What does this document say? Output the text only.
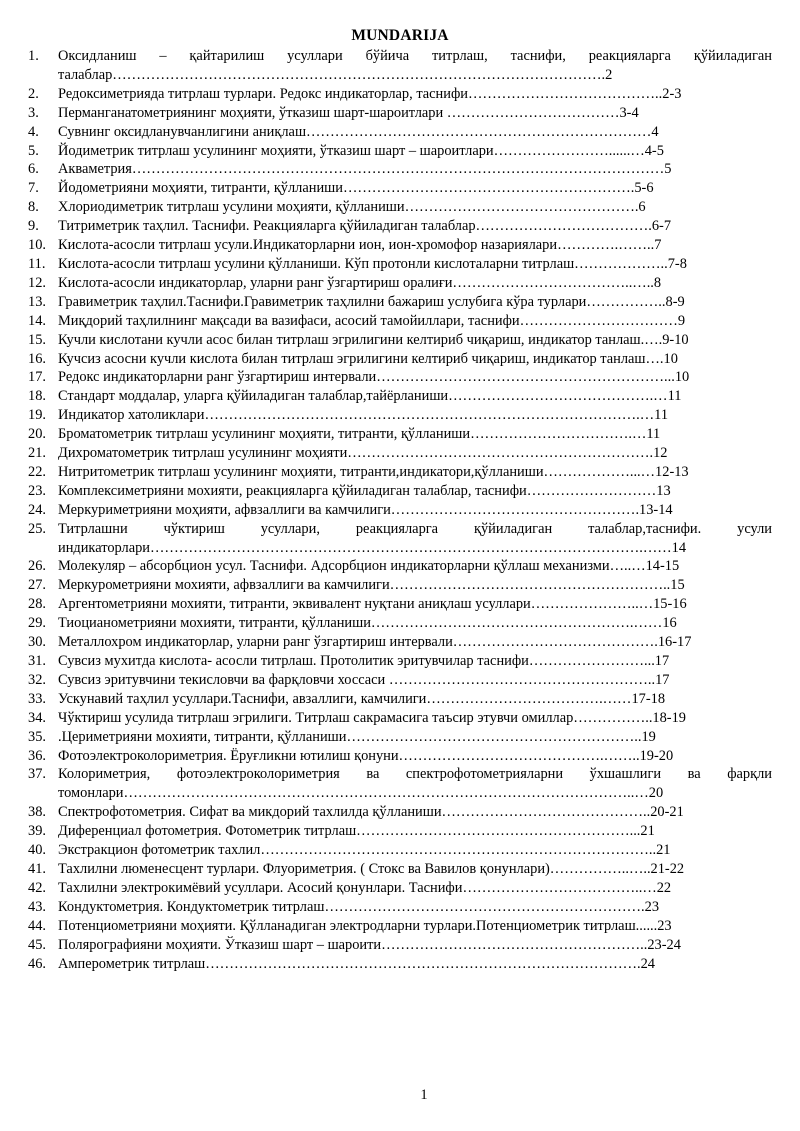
MUNDARIJA
1.	Оксидланиш – қайтарилиш усуллари бўйича титрлаш, таснифи, реакцияларга қўйиладиган талаблар………………………………………………………………………………………….2
2.	Редоксиметрияда титрлаш турлари. Редокс индикаторлар, таснифи…………………………………..2-3
3.	Перманганатометриянинг моҳияти, ўтказиш шарт-шароитлари ………………………………3-4
4.	Сувнинг оксидланувчанлигини аниқлаш………………………………………………………………4
5.	Йодиметрик титрлаш усулининг моҳияти, ўтказиш шарт – шароитлари……………………......…4-5
6.	Акваметрия…………………………………………………………………………………………………5
7.	Йодометрияни моҳияти, титранти, қўлланиши…………………………………………………….5-6
8.	Хлориодиметрик титрлаш усулини моҳияти, қўлланиши………………………………………….6
9.	Титриметрик таҳлил. Таснифи. Реакцияларга қўйиладиган талаблар……………………………….6-7
10. Кислота-асосли титрлаш усули.Индикаторларни ион, ион-хромофор назариялари………….……..7
11. Кислота-асосли титрлаш усулини қўлланиши. Кўп протонли кислоталарни титрлаш………………..7-8
12. Кислота-асосли индикаторлар, уларни ранг ўзгартириш оралиғи………………………………..…..8
13. Гравиметрик таҳлил.Таснифи.Гравиметрик таҳлилни бажариш услубига кўра турлари……………..8-9
14. Миқдорий таҳлилнинг мақсади ва вазифаси, асосий тамойиллари, таснифи……………………………9
15. Кучли кислотани кучли асос билан титрлаш эгрилигини келтириб чиқариш, индикатор танлаш.….9-10
16. Кучсиз асосни кучли кислота билан титрлаш эгрилигини келтириб чиқариш, индикатор танлаш….10
17. Редокс индикаторларни ранг ўзгартириш интервали……………………………………………………...10
18. Стандарт моддалар, уларга қўйиладиган талаблар,тайёрланиши…………………………………….…11
19. Индикатор хатоликлари……………………………………………………………………………….…11
20. Броматометрик титрлаш усулининг моҳияти, титранти, қўлланиши…………………………….…11
21. Дихроматометрик титрлаш усулининг моҳияти……………………………………………………….12
22. Нитритометрик титрлаш усулининг моҳияти, титранти,индикатори,қўлланиши………………...…12-13
23. Комплексиметрияни мохияти, реакцияларга қўйиладиган талаблар, таснифи………………………13
24. Меркуриметрияни моҳияти, афвзаллиги ва камчилиги…………………………………………….13-14
25. Титрлашни чўктириш усуллари, реакцияларга қўйиладиган талаблар,таснифи. усули индикаторлари………………………………………………………………………………………….……14
26. Молекуляр – абсорбцион усул. Таснифи. Адсорбцион индикаторларни қўллаш механизми…..…14-15
27. Меркурометрияни мохияти, афвзаллиги ва камчилиги…………………………………………………..15
28. Аргентометрияни мохияти, титранти, эквивалент нуқтани аниқлаш усуллари…………………..…15-16
29. Тиоцианометрияни мохияти, титранти, қўлланиши……………………………………………….……16
30. Металлохром индикаторлар, уларни ранг ўзгартириш интервали…………………………………….16-17
31. Сувсиз мухитда кислота- асосли титрлаш. Протолитик эритувчилар таснифи……………………...17
32. Сувсиз эритувчини текисловчи ва фарқловчи хоссаси ………………………………………………..17
33. Ускунавий таҳлил усуллари.Таснифи, авзаллиги, камчилиги……………………………….……17-18
34. Чўктириш усулида титрлаш эгрилиги. Титрлаш сакрамасига таъсир этувчи омиллар……………..18-19
35. .Цериметрияни мохияти, титранти, қўлланиши……………………………………………………..19
36. Фотоэлектроколориметрия. Ёруғликни ютилиш қонуни…………………………………….……..19-20
37. Колориметрия, фотоэлектроколориметрия ва спектрофотометрияларни ўхшашлиги ва фарқли томонлари……………………………………………………………………………………………..…20
38. Спектрофотометрия. Сифат ва микдорий тахлилда қўлланиши……………………………………..20-21
39. Диференциал фотометрия. Фотометрик титрлаш…………………………………………………...21
40. Экстракцион фотометрик тахлил………………………………………………………………………..21
41. Тахлилни люменесцент турлари. Флуориметрия. ( Стокс ва Вавилов қонунлари)……………..…..21-22
42. Тахлилни электрокимёвий усуллари. Асосий қонунлари. Таснифи………………………………..…22
43. Кондуктометрия. Кондуктометрик титрлаш………………………………………………………….23
44. Потенциометрияни моҳияти. Қўлланадиган электродларни турлари.Потенциометрик титрлаш......23
45. Полярографияни моҳияти. Ўтказиш шарт – шароити………………………………………………..23-24
46. Амперометрик титрлаш……………………………………………………………………………….24
1
